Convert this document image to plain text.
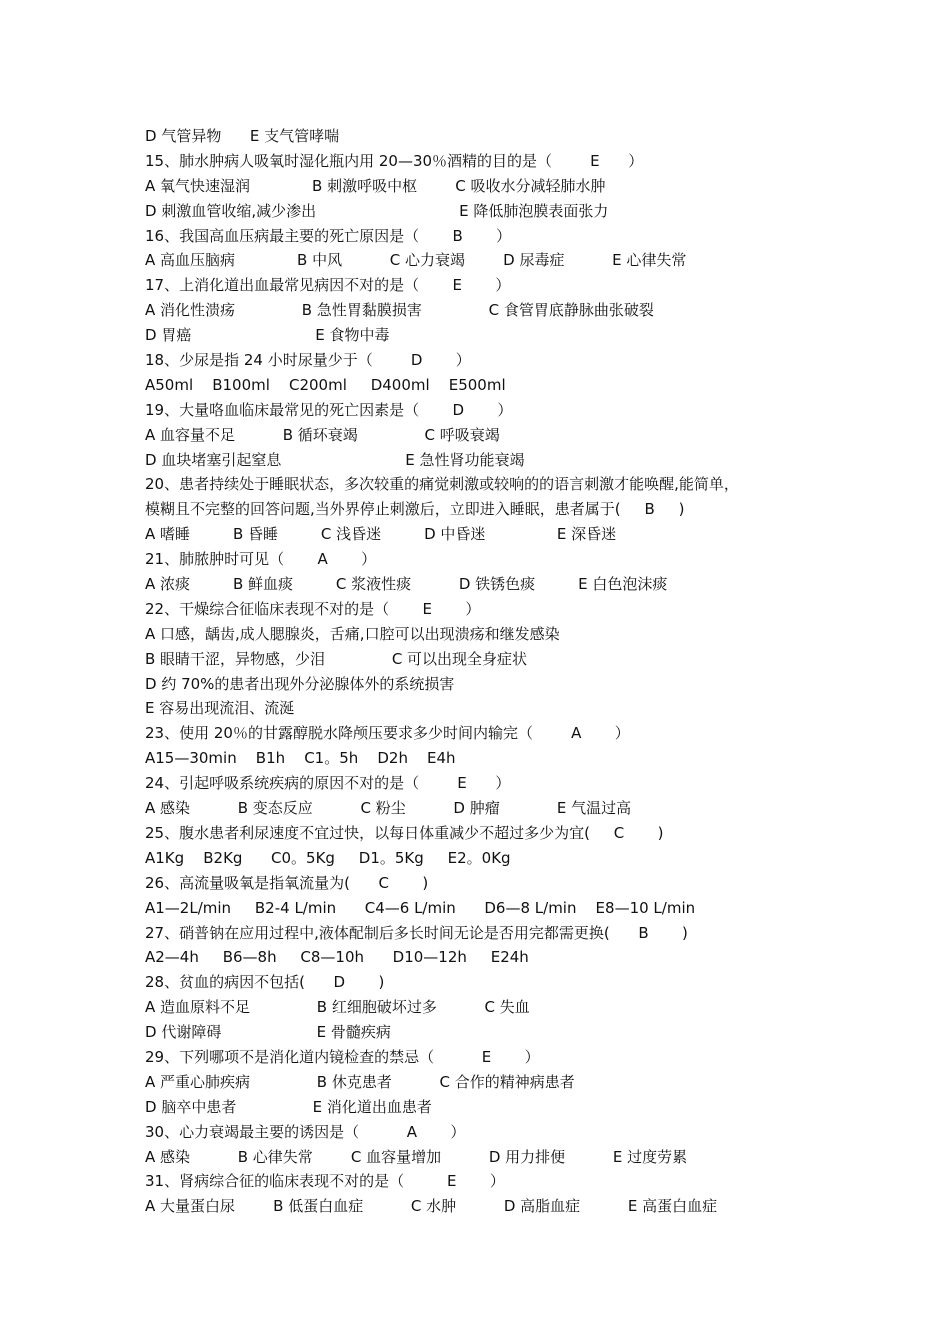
D 气管异物      E 支气管哮喘
15、肺水肿病人吸氧时湿化瓶内用 20—30％酒精的目的是（        E      ）
A 氧气快速湿润             B 刺激呼吸中枢        C 吸收水分减轻肺水肿
D 刺激血管收缩,减少渗出                              E 降低肺泡膜表面张力
16、我国高血压病最主要的死亡原因是（       B       ）
A 高血压脑病             B 中风          C 心力衰竭        D 尿毒症          E 心律失常
17、上消化道出血最常见病因不对的是（       E       ）
A 消化性溃疡              B 急性胃黏膜损害              C 食管胃底静脉曲张破裂
D 胃癌                          E 食物中毒
18、少尿是指 24 小时尿量少于（        D       ）
A50ml    B100ml    C200ml     D400ml    E500ml
19、大量咯血临床最常见的死亡因素是（       D       ）
A 血容量不足          B 循环衰竭              C 呼吸衰竭
D 血块堵塞引起窒息                          E 急性肾功能衰竭
20、患者持续处于睡眠状态，多次较重的痛觉刺激或较响的的语言刺激才能唤醒,能简单，
模糊且不完整的回答问题,当外界停止刺激后，立即进入睡眠，患者属于(     B     )
A 嗜睡         B 昏睡         C 浅昏迷         D 中昏迷               E 深昏迷
21、肺脓肿时可见（       A       ）
A 浓痰         B 鲜血痰         C 浆液性痰          D 铁锈色痰         E 白色泡沫痰
22、干燥综合征临床表现不对的是（       E       ）
A 口感，龋齿,成人腮腺炎，舌痛,口腔可以出现溃疡和继发感染
B 眼睛干涩，异物感，少泪              C 可以出现全身症状
D 约 70%的患者出现外分泌腺体外的系统损害
E 容易出现流泪、流涎
23、使用 20％的甘露醇脱水降颅压要求多少时间内输完（        A       ）
A15—30min    B1h    C1。5h    D2h    E4h
24、引起呼吸系统疾病的原因不对的是（        E      ）
A 感染          B 变态反应          C 粉尘          D 肿瘤            E 气温过高
25、腹水患者利尿速度不宜过快，以每日体重减少不超过多少为宜(     C       )
A1Kg    B2Kg      C0。5Kg     D1。5Kg     E2。0Kg
26、高流量吸氧是指氧流量为(      C       )
A1—2L/min     B2-4 L/min      C4—6 L/min      D6—8 L/min    E8—10 L/min
27、硝普钠在应用过程中,液体配制后多长时间无论是否用完都需更换(      B       )
A2—4h     B6—8h     C8—10h      D10—12h     E24h
28、贫血的病因不包括(      D       )
A 造血原料不足              B 红细胞破坏过多          C 失血
D 代谢障碍                    E 骨髓疾病
29、下列哪项不是消化道内镜检查的禁忌（          E       ）
A 严重心肺疾病              B 休克患者          C 合作的精神病患者
D 脑卒中患者                E 消化道出血患者
30、心力衰竭最主要的诱因是（          A       ）
A 感染          B 心律失常        C 血容量增加          D 用力排便          E 过度劳累
31、肾病综合征的临床表现不对的是（         E       ）
A 大量蛋白尿        B 低蛋白血症          C 水肿          D 高脂血症          E 高蛋白血症
